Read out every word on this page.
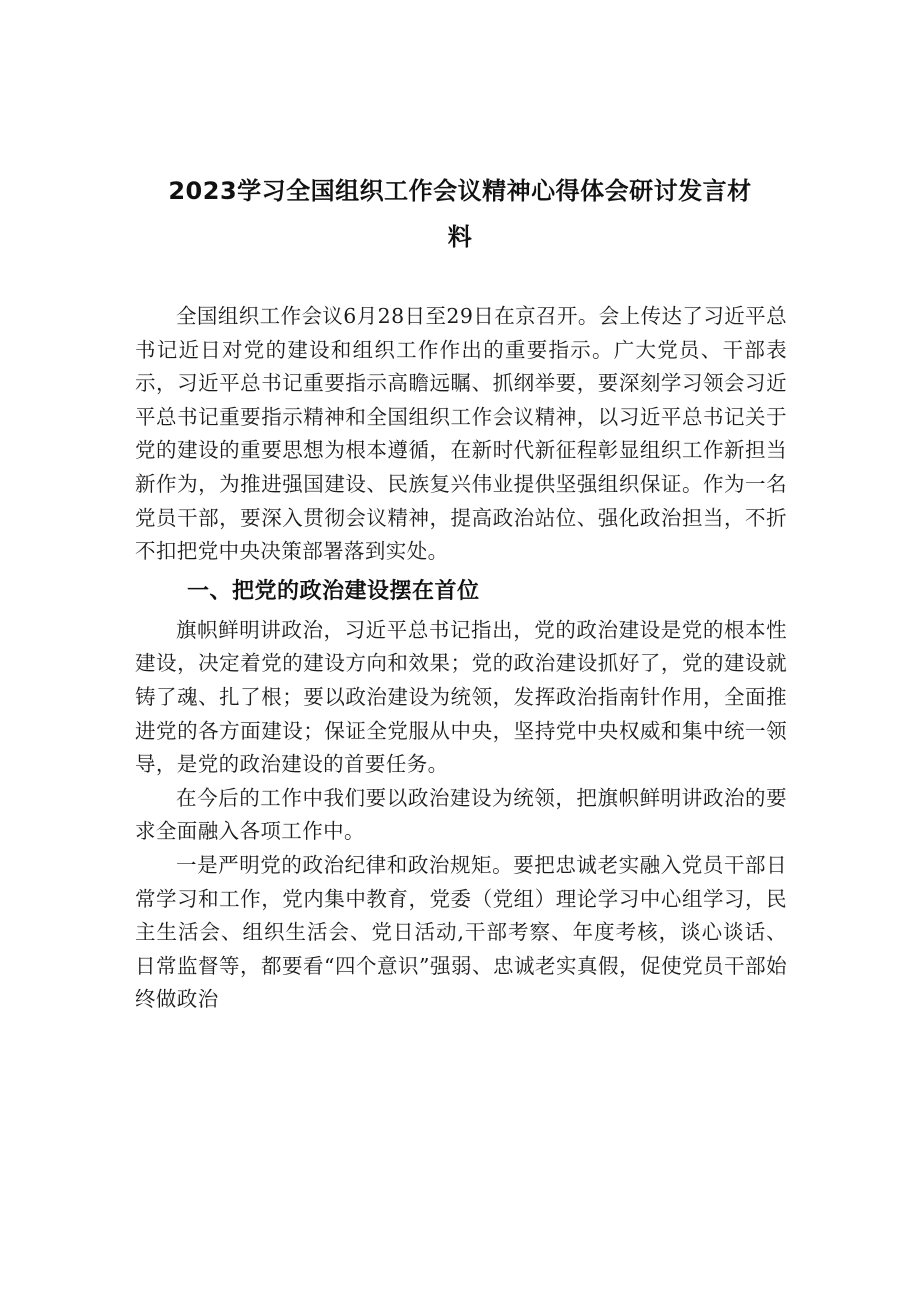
2023学习全国组织工作会议精神心得体会研讨发言材
料

全国组织工作会议6月28日至29日在京召开。会上传达了习近平总书记近日对党的建设和组织工作作出的重要指示。广大党员、干部表示，习近平总书记重要指示高瞻远瞩、抓纲举要，要深刻学习领会习近平总书记重要指示精神和全国组织工作会议精神，以习近平总书记关于党的建设的重要思想为根本遵循，在新时代新征程彰显组织工作新担当新作为，为推进强国建设、民族复兴伟业提供坚强组织保证。作为一名党员干部，要深入贯彻会议精神，提高政治站位、强化政治担当，不折不扣把党中央决策部署落到实处。

一、把党的政治建设摆在首位

旗帜鲜明讲政治，习近平总书记指出，党的政治建设是党的根本性建设，决定着党的建设方向和效果；党的政治建设抓好了，党的建设就铸了魂、扎了根；要以政治建设为统领，发挥政治指南针作用，全面推进党的各方面建设；保证全党服从中央，坚持党中央权威和集中统一领导，是党的政治建设的首要任务。

在今后的工作中我们要以政治建设为统领，把旗帜鲜明讲政治的要求全面融入各项工作中。

一是严明党的政治纪律和政治规矩。要把忠诚老实融入党员干部日常学习和工作，党内集中教育，党委（党组）理论学习中心组学习，民主生活会、组织生活会、党日活动,干部考察、年度考核，谈心谈话、日常监督等，都要看“四个意识”强弱、忠诚老实真假，促使党员干部始终做政治
